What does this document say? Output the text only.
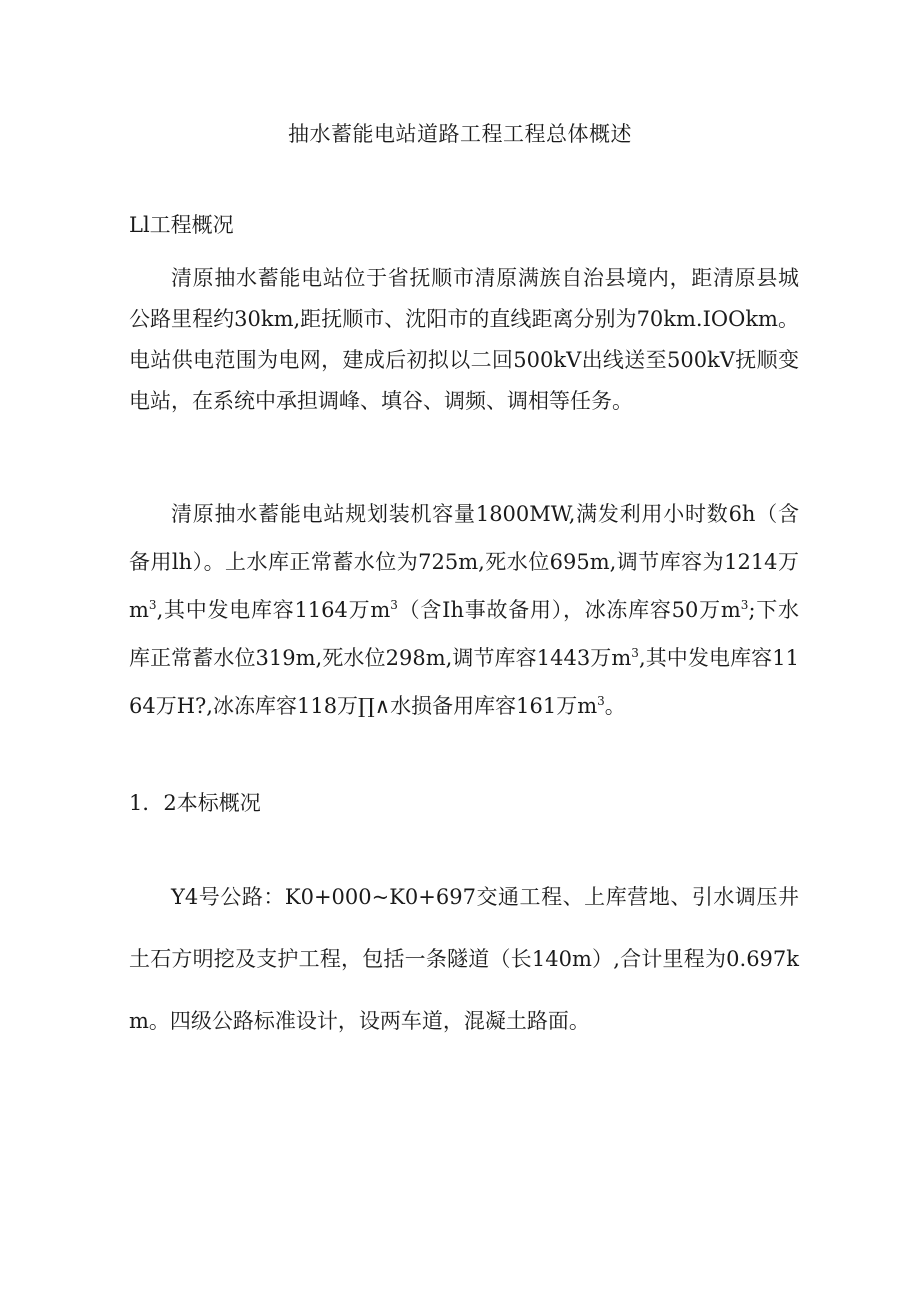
抽水蓄能电站道路工程工程总体概述
Ll工程概况

清原抽水蓄能电站位于省抚顺市清原满族自治县境内，距清原县城公路里程约30km,距抚顺市、沈阳市的直线距离分别为70km.IOOkm。电站供电范围为电网，建成后初拟以二回500kV出线送至500kV抚顺变电站，在系统中承担调峰、填谷、调频、调相等任务。

清原抽水蓄能电站规划装机容量1800MW,满发利用小时数6h（含备用lh）。上水库正常蓄水位为725m,死水位695m,调节库容为1214万$m^3$,其中发电库容1164万$m^3$（含Ih事故备用），冰冻库容50万$m^3$;下水库正常蓄水位319m,死水位298m,调节库容1443万$m^3$,其中发电库容1164万H?,冰冻库容118万∏∧水损备用库容161万$m^3$。

1．2本标概况

Y4号公路：K0+000~K0+697交通工程、上库营地、引水调压井土石方明挖及支护工程，包括一条隧道（长140m）,合计里程为0.697km。四级公路标准设计，设两车道，混凝土路面。
